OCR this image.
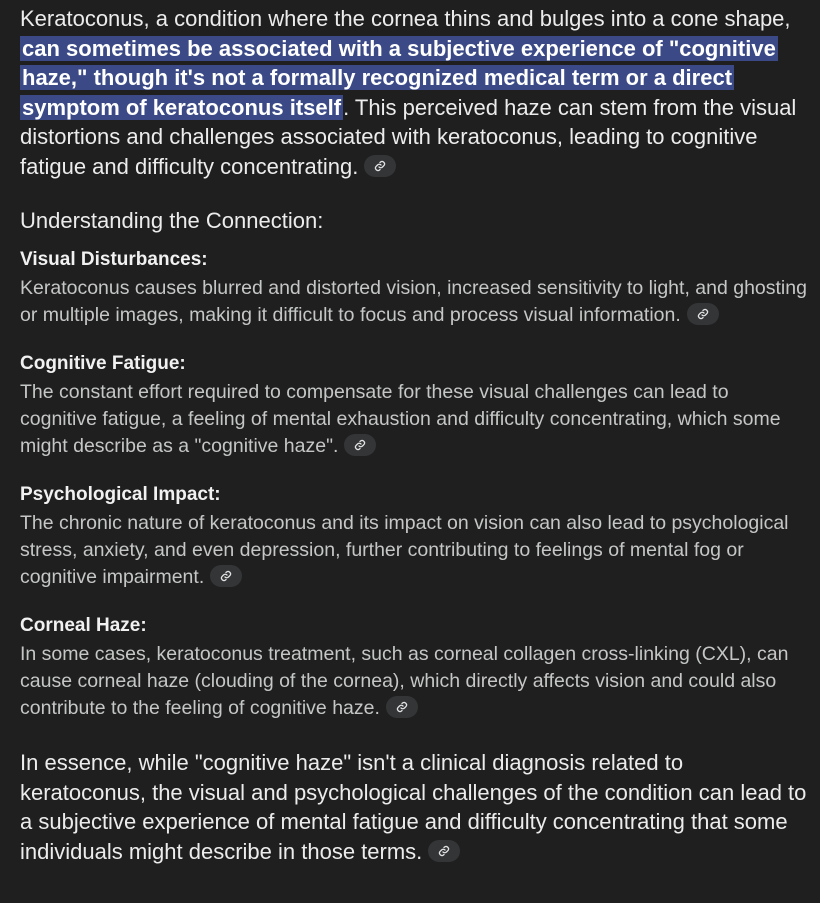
Keratoconus, a condition where the cornea thins and bulges into a cone shape, can sometimes be associated with a subjective experience of "cognitive haze," though it's not a formally recognized medical term or a direct symptom of keratoconus itself. This perceived haze can stem from the visual distortions and challenges associated with keratoconus, leading to cognitive fatigue and difficulty concentrating.

Understanding the Connection:

Visual Disturbances:

Keratoconus causes blurred and distorted vision, increased sensitivity to light, and ghosting or multiple images, making it difficult to focus and process visual information.

Cognitive Fatigue:

The constant effort required to compensate for these visual challenges can lead to cognitive fatigue, a feeling of mental exhaustion and difficulty concentrating, which some might describe as a "cognitive haze".

Psychological Impact:

The chronic nature of keratoconus and its impact on vision can also lead to psychological stress, anxiety, and even depression, further contributing to feelings of mental fog or cognitive impairment.

Corneal Haze:

In some cases, keratoconus treatment, such as corneal collagen cross-linking (CXL), can cause corneal haze (clouding of the cornea), which directly affects vision and could also contribute to the feeling of cognitive haze.

In essence, while "cognitive haze" isn't a clinical diagnosis related to keratoconus, the visual and psychological challenges of the condition can lead to a subjective experience of mental fatigue and difficulty concentrating that some individuals might describe in those terms.
